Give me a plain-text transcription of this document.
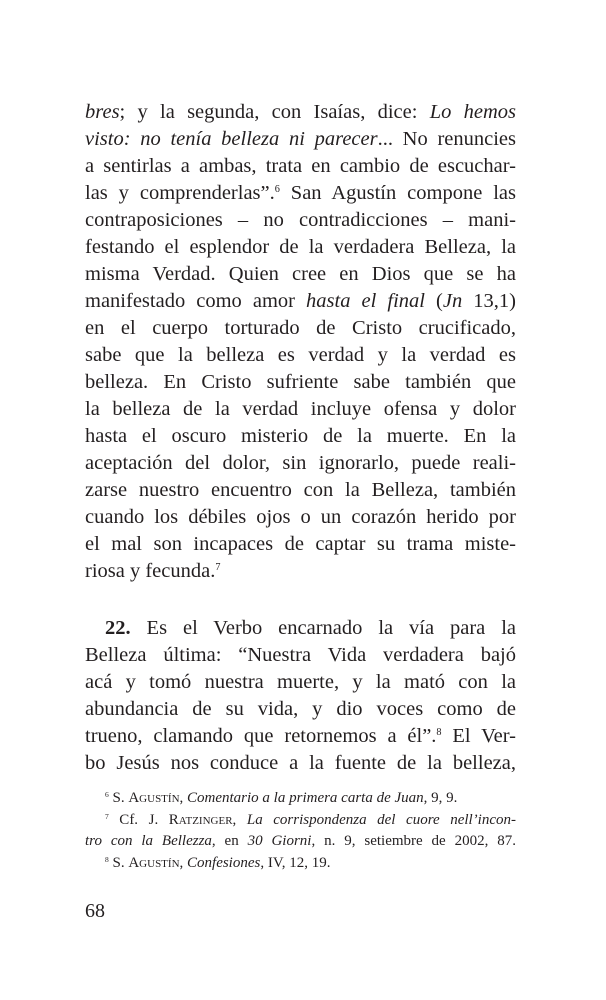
bres; y la segunda, con Isaías, dice: Lo hemos
visto: no tenía belleza ni parecer... No renuncies
a sentirlas a ambas, trata en cambio de escuchar-
las y comprenderlas”.$^6$ San Agustín compone las
contraposiciones – no contradicciones – mani-
festando el esplendor de la verdadera Belleza, la
misma Verdad. Quien cree en Dios que se ha
manifestado como amor hasta el final (Jn 13,1)
en el cuerpo torturado de Cristo crucificado,
sabe que la belleza es verdad y la verdad es
belleza. En Cristo sufriente sabe también que
la belleza de la verdad incluye ofensa y dolor
hasta el oscuro misterio de la muerte. En la
aceptación del dolor, sin ignorarlo, puede reali-
zarse nuestro encuentro con la Belleza, también
cuando los débiles ojos o un corazón herido por
el mal son incapaces de captar su trama miste-
riosa y fecunda.$^7$
22. Es el Verbo encarnado la vía para la
Belleza última: “Nuestra Vida verdadera bajó
acá y tomó nuestra muerte, y la mató con la
abundancia de su vida, y dio voces como de
trueno, clamando que retornemos a él”.$^8$ El Ver-
bo Jesús nos conduce a la fuente de la belleza,
$^6$ S. Agustín, Comentario a la primera carta de Juan, 9, 9.
$^7$ Cf. J. Ratzinger, La corrispondenza del cuore nell’incon-
tro con la Bellezza, en 30 Giorni, n. 9, setiembre de 2002, 87.
$^8$ S. Agustín, Confesiones, IV, 12, 19.
68
